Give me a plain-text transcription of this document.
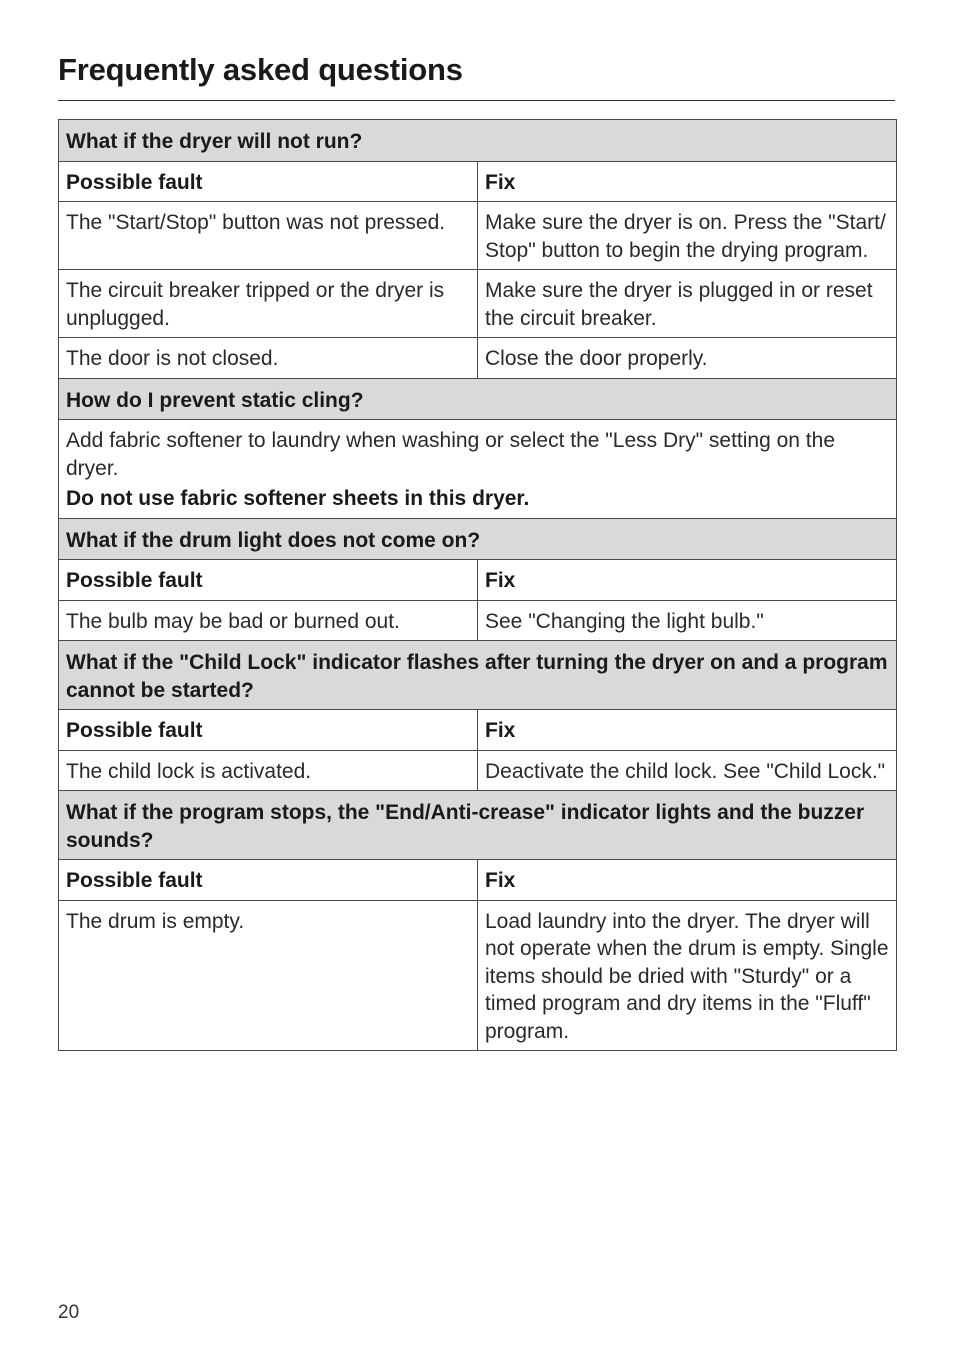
Frequently asked questions
What if the dryer will not run?	
Possible fault	Fix
The "Start/Stop" button was not pressed.	Make sure the dryer is on. Press the "Start/ Stop" button to begin the drying program.
The circuit breaker tripped or the dryer is unplugged.	Make sure the dryer is plugged in or reset the circuit breaker.
The door is not closed.	Close the door properly.
How do I prevent static cling?	
Add fabric softener to laundry when washing or select the "Less Dry" setting on the dryer.
Do not use fabric softener sheets in this dryer.	

What if the drum light does not come on?	
Possible fault	Fix
The bulb may be bad or burned out.	See "Changing the light bulb."
What if the "Child Lock" indicator flashes after turning the dryer on and a program cannot be started?	
Possible fault	Fix
The child lock is activated.	Deactivate the child lock. See "Child Lock."
What if the program stops, the "End/Anti-crease" indicator lights and the buzzer sounds?	
Possible fault	Fix
The drum is empty.	Load laundry into the dryer. The dryer will not operate when the drum is empty. Single items should be dried with "Sturdy" or a timed program and dry items in the "Fluff" program.
20
